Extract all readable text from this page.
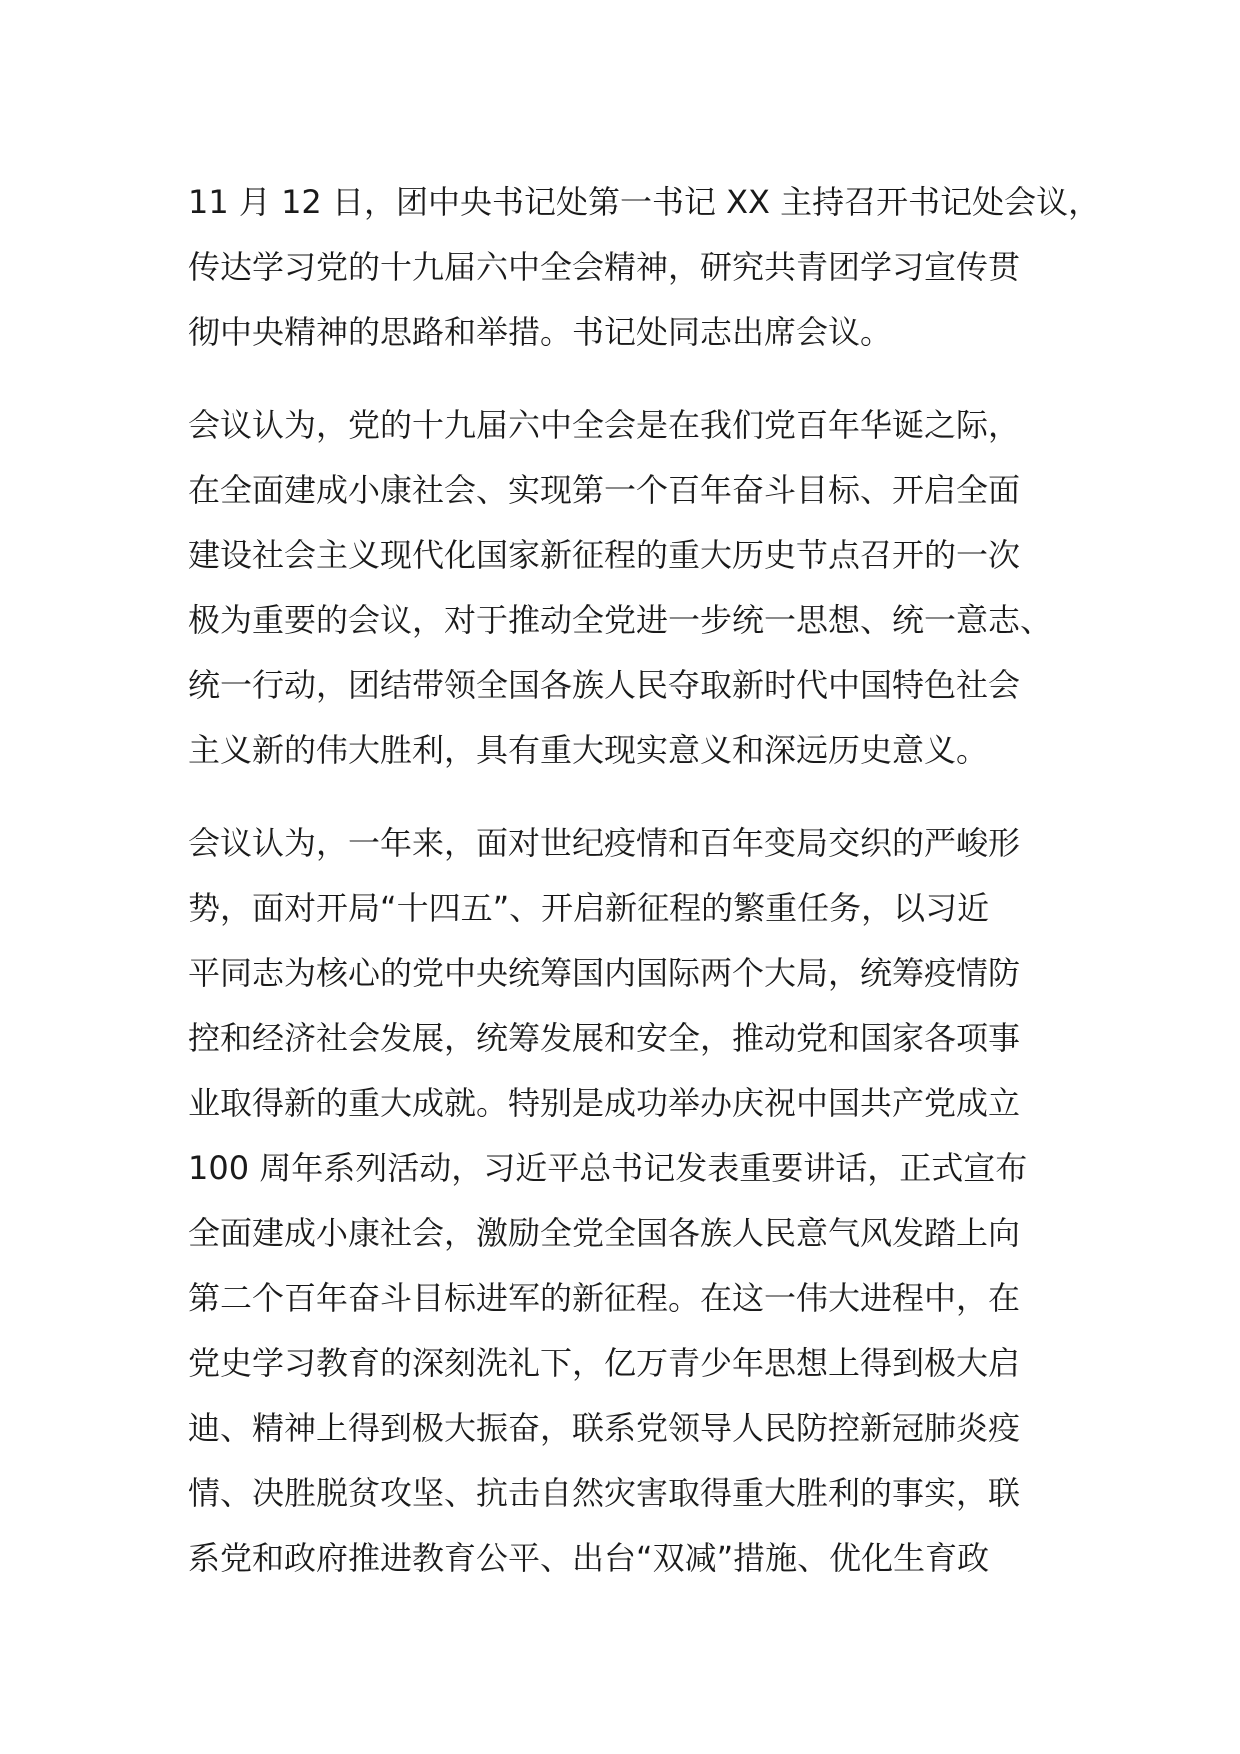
11 月 12 日，团中央书记处第一书记 XX 主持召开书记处会议，
传达学习党的十九届六中全会精神，研究共青团学习宣传贯
彻中央精神的思路和举措。书记处同志出席会议。

会议认为，党的十九届六中全会是在我们党百年华诞之际，
在全面建成小康社会、实现第一个百年奋斗目标、开启全面
建设社会主义现代化国家新征程的重大历史节点召开的一次
极为重要的会议，对于推动全党进一步统一思想、统一意志、
统一行动，团结带领全国各族人民夺取新时代中国特色社会
主义新的伟大胜利，具有重大现实意义和深远历史意义。

会议认为，一年来，面对世纪疫情和百年变局交织的严峻形
势，面对开局“十四五”、开启新征程的繁重任务，以习近
平同志为核心的党中央统筹国内国际两个大局，统筹疫情防
控和经济社会发展，统筹发展和安全，推动党和国家各项事
业取得新的重大成就。特别是成功举办庆祝中国共产党成立
100 周年系列活动，习近平总书记发表重要讲话，正式宣布
全面建成小康社会，激励全党全国各族人民意气风发踏上向
第二个百年奋斗目标进军的新征程。在这一伟大进程中，在
党史学习教育的深刻洗礼下，亿万青少年思想上得到极大启
迪、精神上得到极大振奋，联系党领导人民防控新冠肺炎疫
情、决胜脱贫攻坚、抗击自然灾害取得重大胜利的事实，联
系党和政府推进教育公平、出台“双减”措施、优化生育政
